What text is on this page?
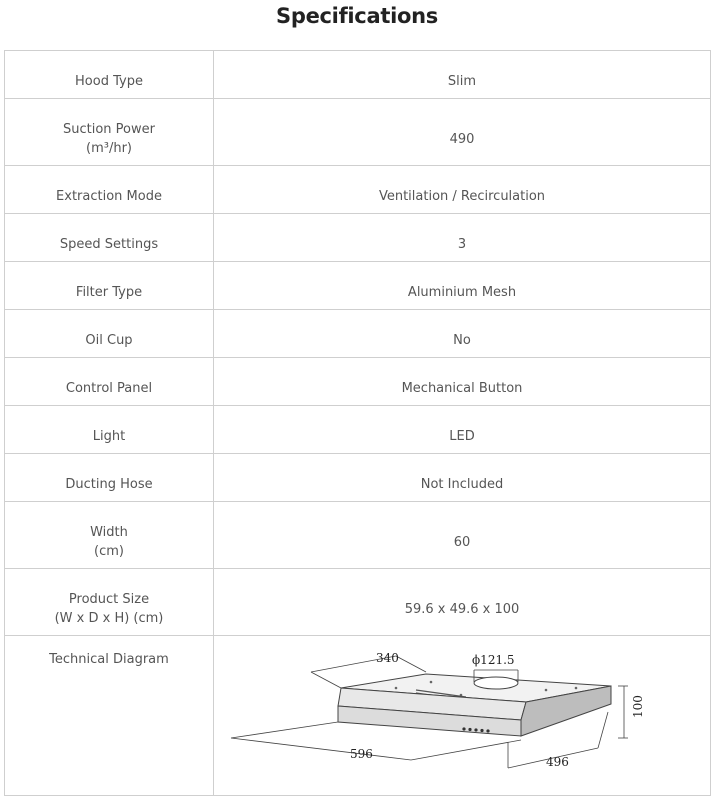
Specifications
Hood Type	Slim

Suction Power
(m³/hr)	490

Extraction Mode	Ventilation / Recirculation

Speed Settings	3

Filter Type	Aluminium Mesh

Oil Cup	No

Control Panel	Mechanical Button

Light	LED

Ducting Hose	Not Included

Width
(cm)	60

Product Size
(W x D x H) (cm)	59.6 x 49.6 x 100

Technical Diagram	340 ϕ121.5
100
596
496
